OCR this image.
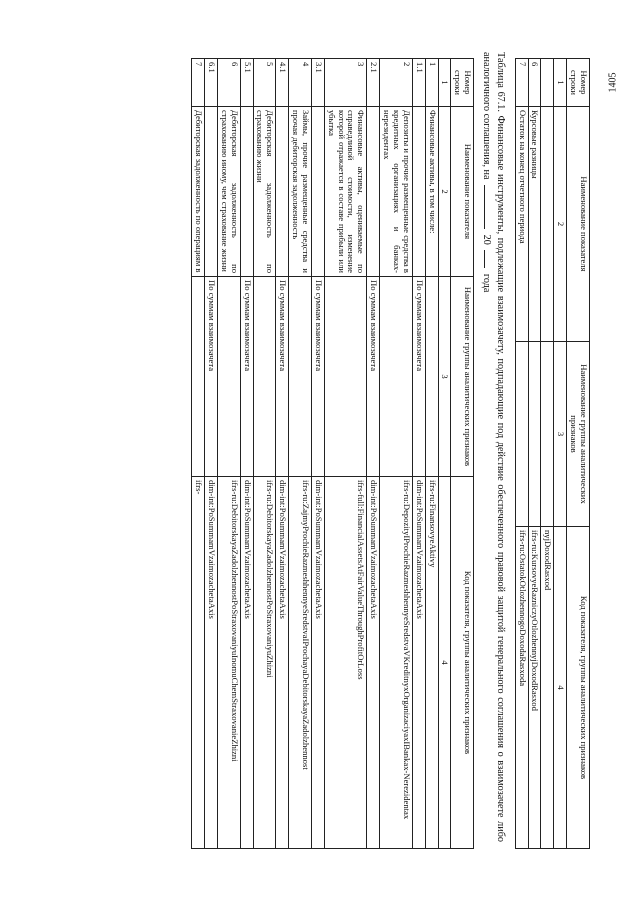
1405
Номер строки	Наименование показателя	Наименование группы аналитических признаков	Код показателя, группы аналитических признаков
1	2	3	4
			nyjDoxodRasxod
6	Курсовые разницы		ifrs-ru:KursovyeRazniczyOtlozhennyjDoxodRasxod
7	Остаток на конец отчетного периода		ifrs-ru:OstatokOtlozhennogoDoxodaRasxoda
Таблица 67.1. Финансовые инструменты, подлежащие взаимозачету, подпадающие под действие обеспеченного правовой защитой генерального соглашения о взаимозачете либо аналогичного соглашения, на  20  года
Номер строки	Наименование показателя	Наименование группы аналитических признаков	Код показателя, группы аналитических признаков
1	2	3	4
1	Финансовые активы, в том числе:		ifrs-ru:FinansovyeAktivy
1.1		По суммам взаимозачета	dim-int:PoSummamVzaimozachetaAxis
2	Депозиты и прочие размещенные средства в кредитных организациях и банках-нерезидентах		ifrs-ru:DepozityIProchieRazmeshhennyeSredstvaVKreditnyxOrganizaciyaxIBankax-Nerezidentax
2.1		По суммам взаимозачета	dim-int:PoSummamVzaimozachetaAxis
3	Финансовые активы, оцениваемые по справедливой стоимости, изменение которой отражается в составе прибыли или убытка		ifrs-full:FinancialAssetsAtFairValueThroughProfitOrLoss
3.1		По суммам взаимозачета	dim-int:PoSummamVzaimozachetaAxis
4	Займы, прочие размещенные средства и прочая дебиторская задолженность		ifrs-ru:ZajmyProchieRazmeshhennyeSredstvaIProchayaDebitorskayaZadolzhennost
4.1		По суммам взаимозачета	dim-int:PoSummamVzaimozachetaAxis
5	Дебиторская задолженность по страхованию жизни		ifrs-ru:DebitorskayaZadolzhennostPoStraxovaniyuZhizni
5.1		По суммам взаимозачета	dim-int:PoSummamVzaimozachetaAxis
6	Дебиторская задолженность по страхованию иному, чем страхование жизни		ifrs-ru:DebitorskayaZadolzhennostPoStraxovaniyuInomuChemStraxovanieZhizni
6.1		По суммам взаимозачета	dim-int:PoSummamVzaimozachetaAxis
7	Дебиторская задолженность по операциям в		ifrs-
